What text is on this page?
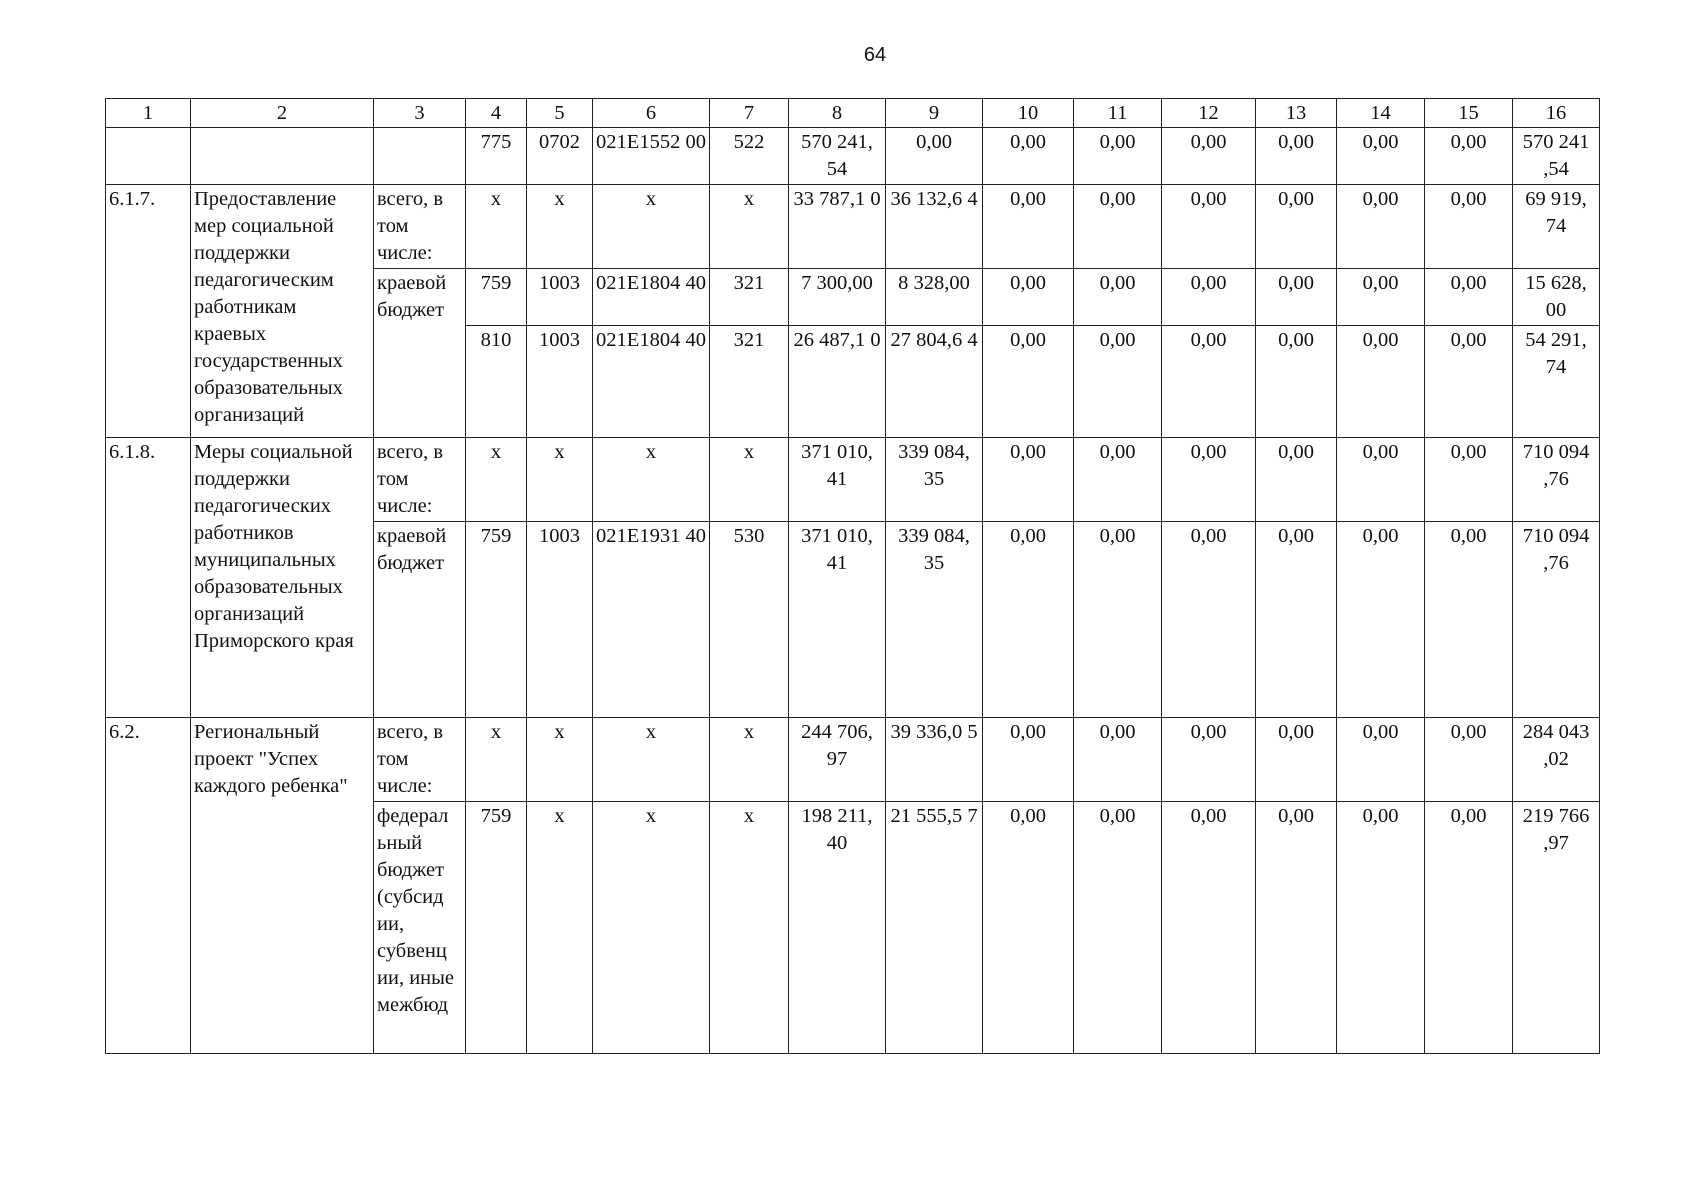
64
1	2	3	4	5	6	7	8	9	10	11	12	13	14	15	16
			775	0702	021E1552 00	522	570 241, 54	0,00	0,00	0,00	0,00	0,00	0,00	0,00	570 241 ,54
6.1.7.	Предоставление мер социальной поддержки педагогическим работникам краевых государственных образовательных организаций	всего, в том числе:	x	x	x	x	33 787,1 0	36 132,6 4	0,00	0,00	0,00	0,00	0,00	0,00	69 919, 74
		краевой бюджет	759	1003	021E1804 40	321	7 300,00	8 328,00	0,00	0,00	0,00	0,00	0,00	0,00	15 628, 00
			810	1003	021E1804 40	321	26 487,1 0	27 804,6 4	0,00	0,00	0,00	0,00	0,00	0,00	54 291, 74
6.1.8.	Меры социальной поддержки педагогических работников муниципальных образовательных организаций Приморского края	всего, в том числе:	x	x	x	x	371 010, 41	339 084, 35	0,00	0,00	0,00	0,00	0,00	0,00	710 094 ,76
		краевой бюджет	759	1003	021E1931 40	530	371 010, 41	339 084, 35	0,00	0,00	0,00	0,00	0,00	0,00	710 094 ,76
6.2.	Региональный проект "Успех каждого ребенка"	всего, в том числе:	x	x	x	x	244 706, 97	39 336,0 5	0,00	0,00	0,00	0,00	0,00	0,00	284 043 ,02
		федерал ьный бюджет (субсид ии, субвенц ии, иные межбюд	759	x	x	x	198 211, 40	21 555,5 7	0,00	0,00	0,00	0,00	0,00	0,00	219 766 ,97
